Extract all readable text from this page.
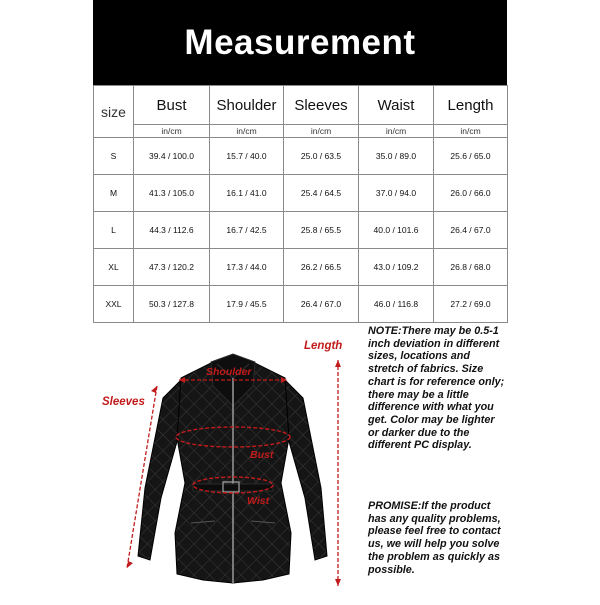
Measurement
size	Bust	Shoulder	Sleeves	Waist	Length
	in/cm	in/cm	in/cm	in/cm	in/cm
S	39.4 / 100.0	15.7 / 40.0	25.0 / 63.5	35.0 / 89.0	25.6 / 65.0
M	41.3 / 105.0	16.1 / 41.0	25.4 / 64.5	37.0 / 94.0	26.0 / 66.0
L	44.3 / 112.6	16.7 / 42.5	25.8 / 65.5	40.0 / 101.6	26.4 / 67.0
XL	47.3 / 120.2	17.3 / 44.0	26.2 / 66.5	43.0 / 109.2	26.8 / 68.0
XXL	50.3 / 127.8	17.9 / 45.5	26.4 / 67.0	46.0 / 116.8	27.2 / 69.0
Length
Shoulder
Sleeves
Bust
Wist
NOTE:There may be 0.5-1 inch deviation in different sizes, locations and stretch of fabrics. Size chart is for reference only; there may be a little difference with what you get. Color may be lighter or darker due to the different PC display.
PROMISE:If the product has any quality problems, please feel free to contact us, we will help you solve the problem as quickly as possible.
